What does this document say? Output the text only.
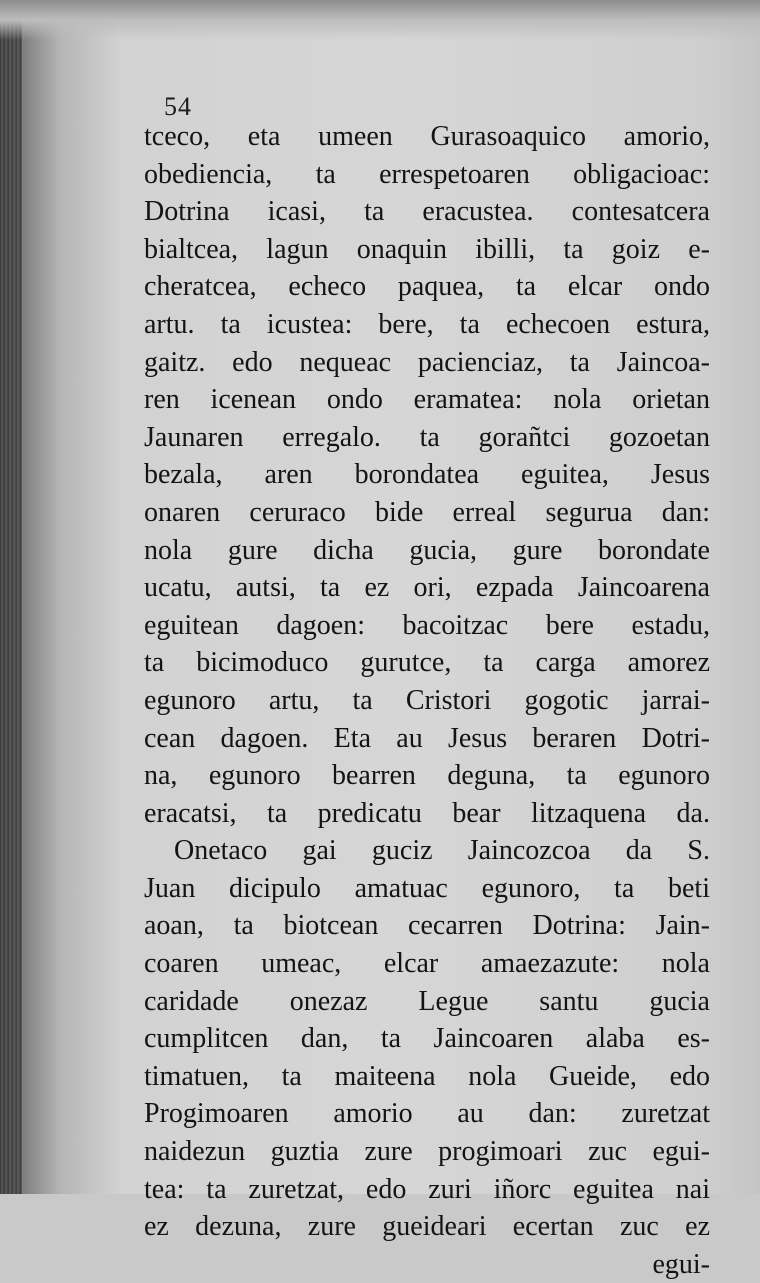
54
tceco, eta umeen Gurasoaquico amorio,
obedіencia, ta errespetoaren obligacioac:
Dotrina icasi, ta eracustea. contesatcera
bialtcea, lagun onaquin ibilli, ta goiz e-
cheratcea, echeco paquea, ta elcar ondo
artu. ta icustea: bere, ta echecoen estura,
gaitz. edo nequeac pacienciaz, ta Jaincoa-
ren icenean ondo eramatea: nola orietan
Jaunaren erregalo. ta gorañtci gozoetan
bezala, aren borondatea eguitea, Jesus
onaren ceruraco bide erreal segurua dan:
nola gure dicha gucia, gure borondate
ucatu, autsi, ta ez ori, ezpada Jaincoarena
eguitean dagoen: bacoitzac bere estadu,
ta bicimoduco gurutce, ta carga amorez
egunoro artu, ta Cristori gogotic jarrai-
cean dagoen. Eta au Jesus beraren Dotri-
na, egunoro bearren deguna, ta egunoro
eracatsi, ta predicatu bear litzaquena da.
Onetaco gai guciz Jaincozcoa da S.
Juan dicipulo amatuac egunoro, ta beti
aoan, ta biotcean cecarren Dotrina: Jain-
coaren umeac, elcar amaezazute: nola
caridade onezaz Legue santu gucia
cumplitcen dan, ta Jaincoaren alaba es-
timatuen, ta maiteena nola Gueide, edo
Progimoaren amorio au dan: zuretzat
naidezun guztia zure progimoari zuc egui-
tea: ta zuretzat, edo zuri iñorc eguitea nai
ez dezuna, zure gueideari ecertan zuc ez
egui-
